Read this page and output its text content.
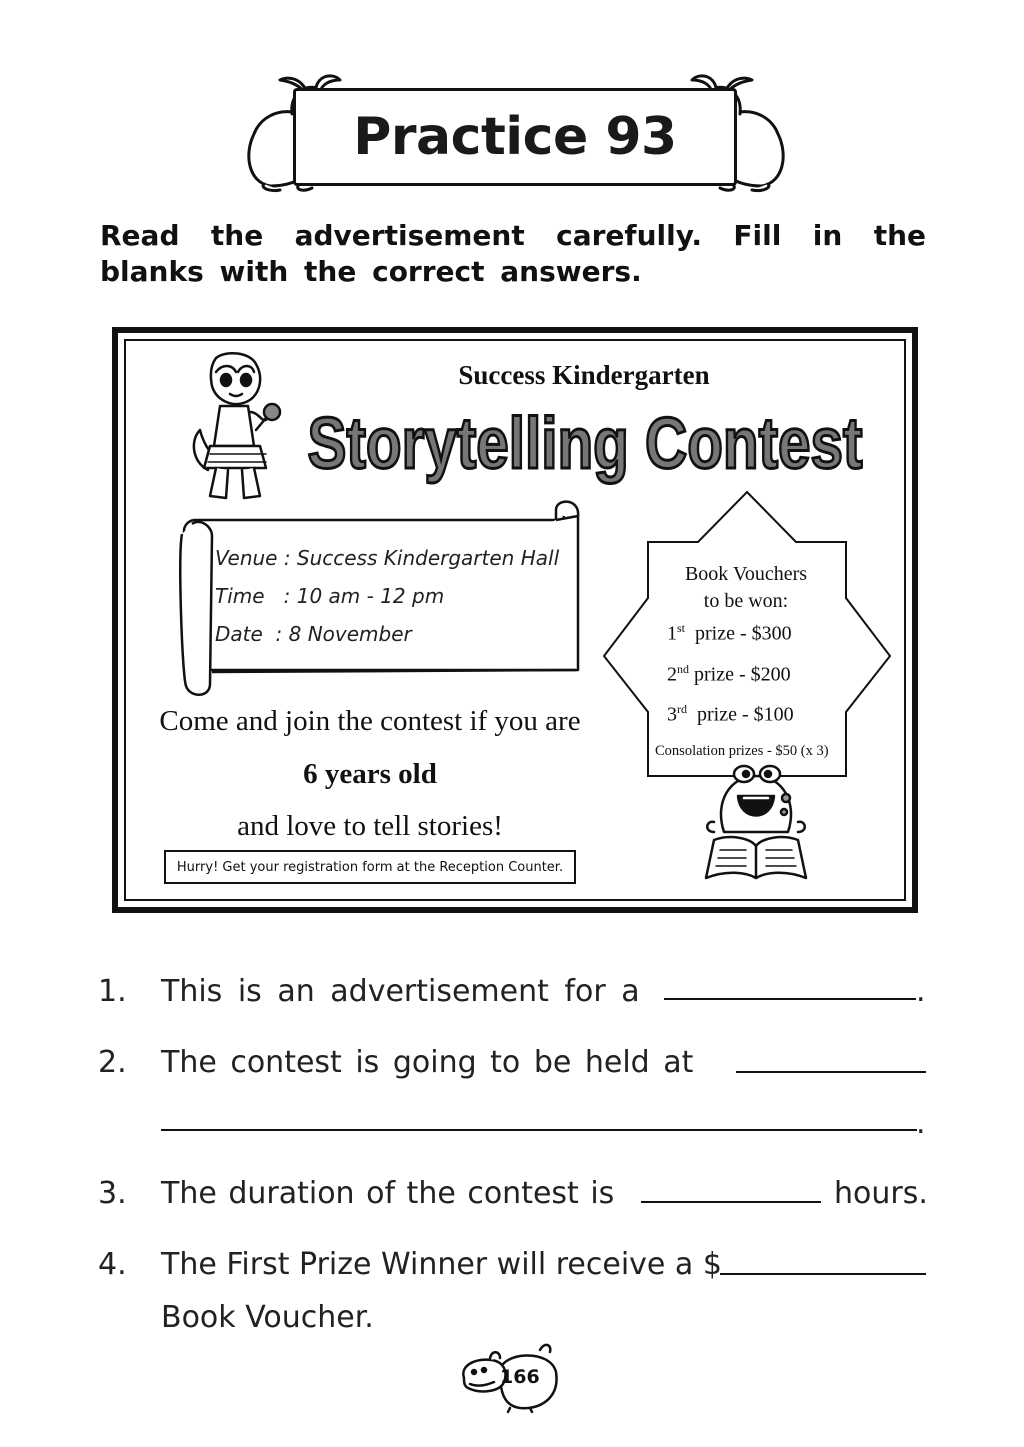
Practice 93
Read the advertisement carefully. Fill in the blanks with the correct answers.
Success Kindergarten
Storytelling Contest
Venue : Success Kindergarten Hall
Time   : 10 am - 12 pm
Date  : 8 November
Come and join the contest if you are
6 years old
and love to tell stories!
Hurry! Get your registration form at the Reception Counter.
Book Vouchers
to be won:
1st prize - $300
2nd prize - $200
3rd prize - $100
Consolation prizes - $50 (x 3)
1. This is an advertisement for a	.
2. The contest is going to be held at
.
3. The duration of the contest is	hours.
4. The First Prize Winner will receive a $
Book Voucher.
166
